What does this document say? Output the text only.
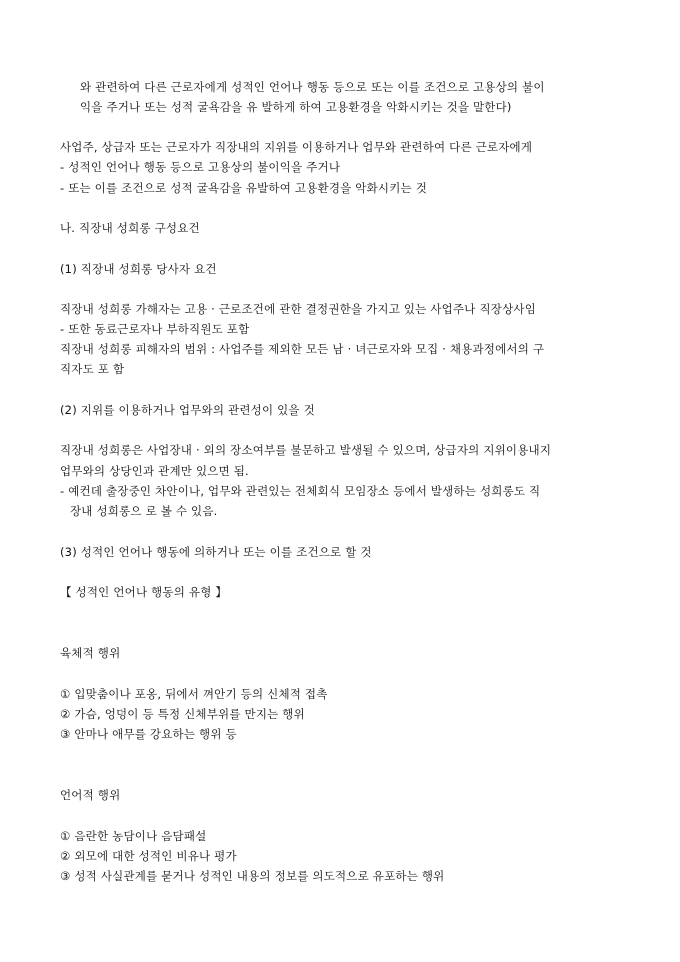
와 관련하여 다른 근로자에게 성적인 언어나 행동 등으로 또는 이를 조건으로 고용상의 불이
익을 주거나 또는 성적 굴욕감을 유 발하게 하여 고용환경을 악화시키는 것을 말한다)
사업주, 상급자 또는 근로자가 직장내의 지위를 이용하거나 업무와 관련하여 다른 근로자에게
- 성적인 언어나 행동 등으로 고용상의 불이익을 주거나
- 또는 이를 조건으로 성적 굴욕감을 유발하여 고용환경을 악화시키는 것
나. 직장내 성희롱 구성요건
(1) 직장내 성희롱 당사자 요건
직장내 성희롱 가해자는 고용 · 근로조건에 관한 결정권한을 가지고 있는 사업주나 직장상사임
- 또한 동료근로자나 부하직원도 포함
직장내 성희롱 피해자의 범위 : 사업주를 제외한 모든 남 · 녀근로자와 모집 · 채용과정에서의 구
직자도 포 함
(2) 지위를 이용하거나 업무와의 관련성이 있을 것
직장내 성희롱은 사업장내 · 외의 장소여부를 불문하고 발생될 수 있으며, 상급자의 지위이용내지
업무와의 상당인과 관계만 있으면 됨.
- 예컨데 출장중인 차안이나, 업무와 관련있는 전체회식 모임장소 등에서 발생하는 성희롱도 직
장내 성희롱으 로 볼 수 있음.
(3) 성적인 언어나 행동에 의하거나 또는 이를 조건으로 할 것
【 성적인 언어나 행동의 유형 】
육체적 행위
① 입맞춤이나 포옹, 뒤에서 껴안기 등의 신체적 접촉
② 가슴, 엉덩이 등 특정 신체부위를 만지는 행위
③ 안마나 애무를 강요하는 행위 등
언어적 행위
① 음란한 농담이나 음담패설
② 외모에 대한 성적인 비유나 평가
③ 성적 사실관계를 묻거나 성적인 내용의 정보를 의도적으로 유포하는 행위
